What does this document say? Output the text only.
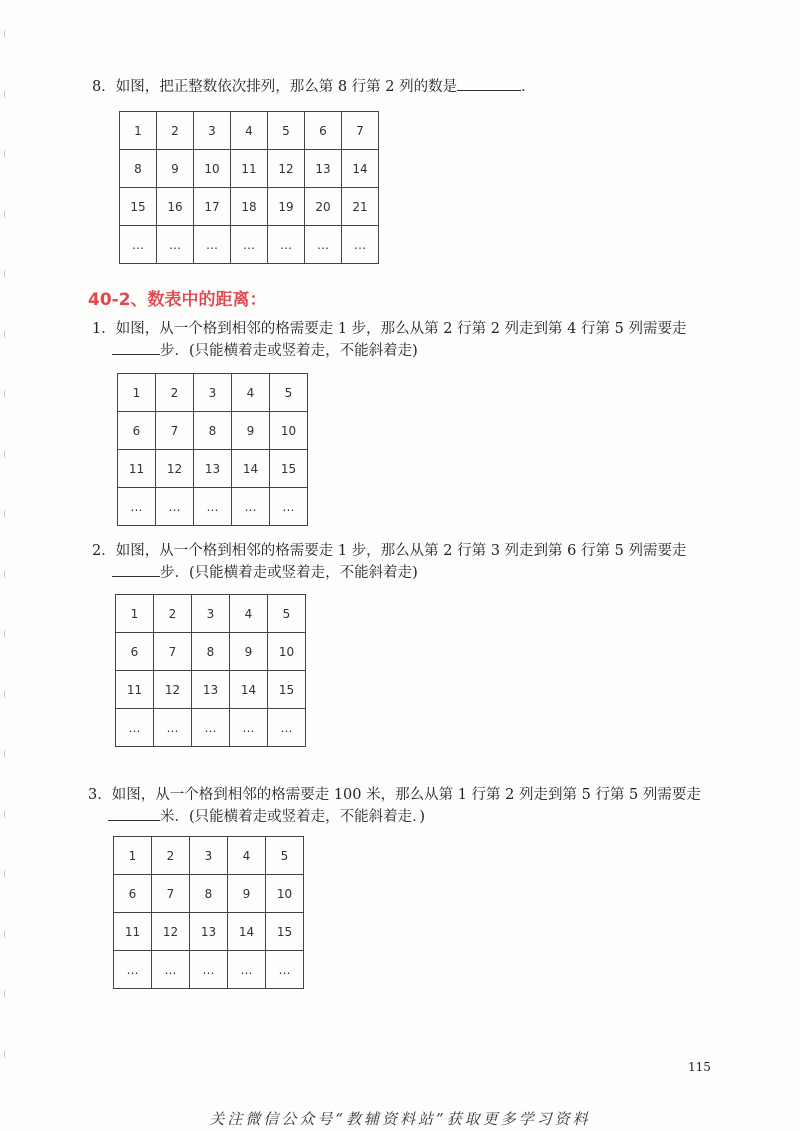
8．如图，把正整数依次排列，那么第 8 行第 2 列的数是	．

1	2	3	4	5	6	7
8	9	10	11	12	13	14
15	16	17	18	19	20	21
…	…	…	…	…	…	…
40-2、数表中的距离：

1．如图，从一个格到相邻的格需要走 1 步，那么从第 2 行第 2 列走到第 4 行第 5 列需要走
步．(只能横着走或竖着走，不能斜着走)

1	2	3	4	5
6	7	8	9	10
11	12	13	14	15
…	…	…	…	…

2．如图，从一个格到相邻的格需要走 1 步，那么从第 2 行第 3 列走到第 6 行第 5 列需要走
步．(只能横着走或竖着走，不能斜着走)

1	2	3	4	5
6	7	8	9	10
11	12	13	14	15
…	…	…	…	…

3．如图，从一个格到相邻的格需要走 100 米，那么从第 1 行第 2 列走到第 5 行第 5 列需要走
米．(只能横着走或竖着走，不能斜着走．)

1	2	3	4	5
6	7	8	9	10
11	12	13	14	15
…	…	…	…	…

115

关注微信公众号“教辅资料站”获取更多学习资料
